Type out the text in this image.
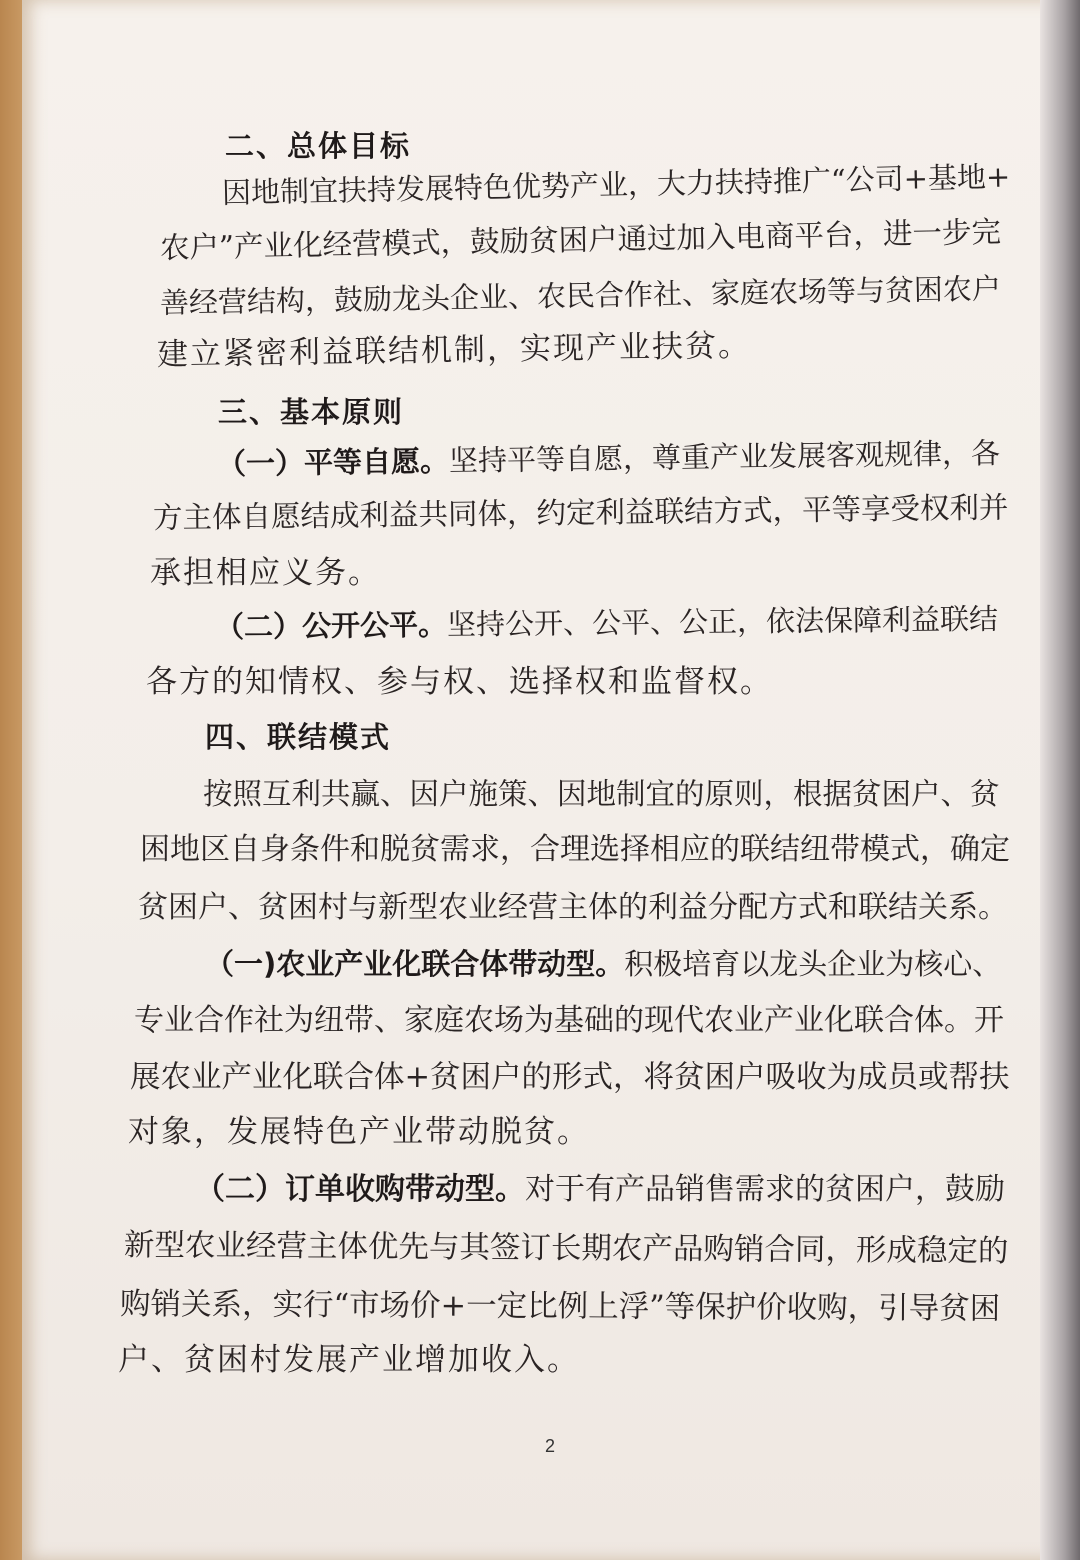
二、总体目标
因地制宜扶持发展特色优势产业，大力扶持推广“公司+基地+
农户”产业化经营模式，鼓励贫困户通过加入电商平台，进一步完
善经营结构，鼓励龙头企业、农民合作社、家庭农场等与贫困农户
建立紧密利益联结机制，实现产业扶贫。
三、基本原则
（一）平等自愿。坚持平等自愿，尊重产业发展客观规律，各
方主体自愿结成利益共同体，约定利益联结方式，平等享受权利并
承担相应义务。
（二）公开公平。坚持公开、公平、公正，依法保障利益联结
各方的知情权、参与权、选择权和监督权。
四、联结模式
按照互利共赢、因户施策、因地制宜的原则，根据贫困户、贫
困地区自身条件和脱贫需求，合理选择相应的联结纽带模式，确定
贫困户、贫困村与新型农业经营主体的利益分配方式和联结关系。
（一)农业产业化联合体带动型。积极培育以龙头企业为核心、
专业合作社为纽带、家庭农场为基础的现代农业产业化联合体。开
展农业产业化联合体+贫困户的形式，将贫困户吸收为成员或帮扶
对象，发展特色产业带动脱贫。
（二）订单收购带动型。对于有产品销售需求的贫困户，鼓励
新型农业经营主体优先与其签订长期农产品购销合同，形成稳定的
购销关系，实行“市场价+一定比例上浮”等保护价收购，引导贫困
户、贫困村发展产业增加收入。
2
